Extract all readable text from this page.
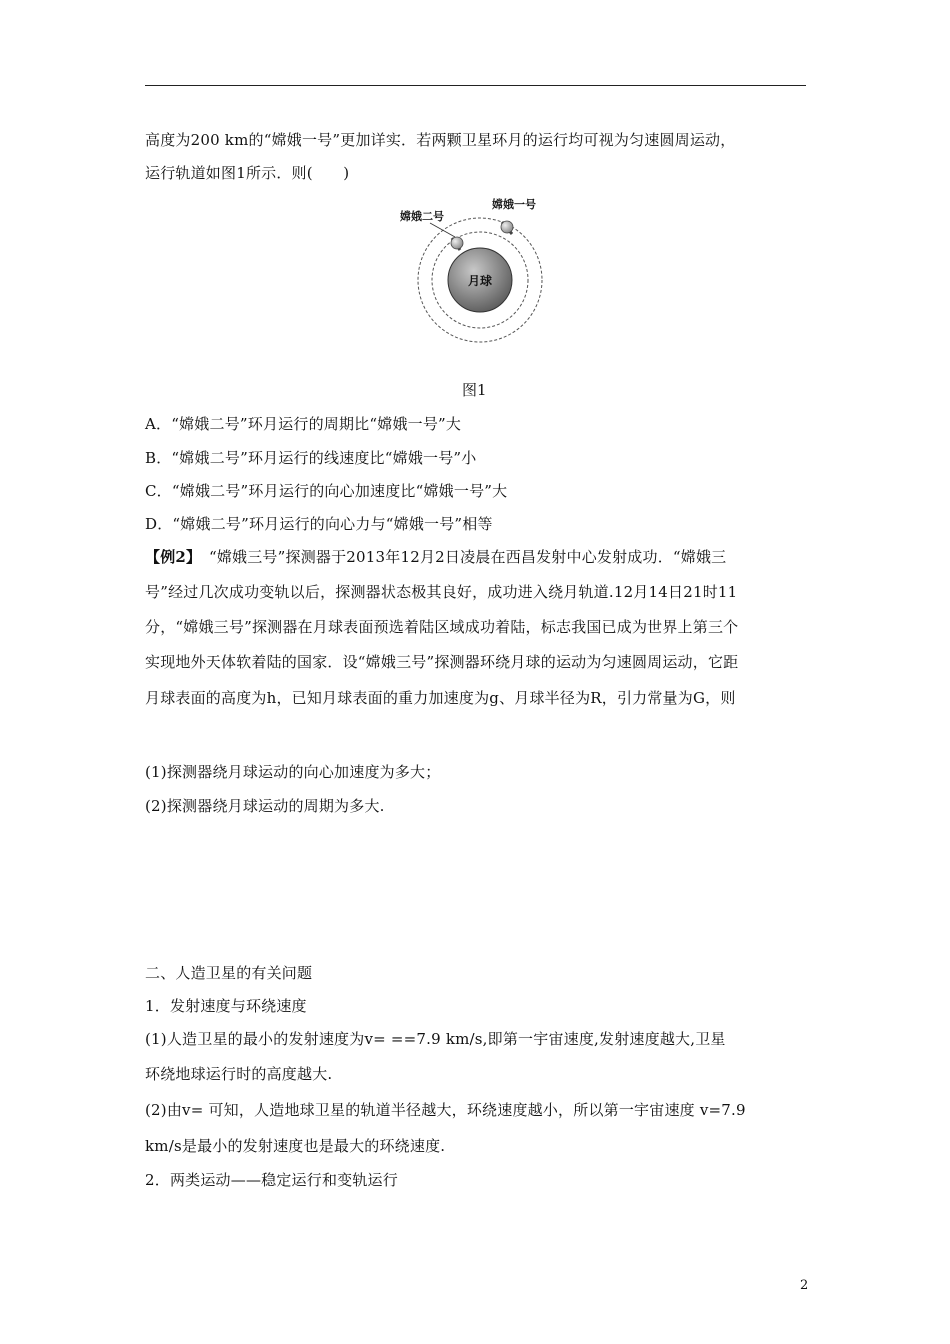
高度为200 km的“嫦娥一号”更加详实．若两颗卫星环月的运行均可视为匀速圆周运动，
运行轨道如图1所示．则(　　)
月球
嫦娥二号
嫦娥一号
图1
A．“嫦娥二号”环月运行的周期比“嫦娥一号”大
B．“嫦娥二号”环月运行的线速度比“嫦娥一号”小
C．“嫦娥二号”环月运行的向心加速度比“嫦娥一号”大
D．“嫦娥二号”环月运行的向心力与“嫦娥一号”相等
【例2】　“嫦娥三号”探测器于2013年12月2日凌晨在西昌发射中心发射成功．“嫦娥三
号”经过几次成功变轨以后，探测器状态极其良好，成功进入绕月轨道.12月14日21时11
分，“嫦娥三号”探测器在月球表面预选着陆区域成功着陆，标志我国已成为世界上第三个
实现地外天体软着陆的国家．设“嫦娥三号”探测器环绕月球的运动为匀速圆周运动，它距
月球表面的高度为h，已知月球表面的重力加速度为g、月球半径为R，引力常量为G，则
(1)探测器绕月球运动的向心加速度为多大；
(2)探测器绕月球运动的周期为多大.
二、人造卫星的有关问题
1．发射速度与环绕速度
(1)人造卫星的最小的发射速度为v= ==7.9 km/s,即第一宇宙速度,发射速度越大,卫星
环绕地球运行时的高度越大.
(2)由v= 可知，人造地球卫星的轨道半径越大，环绕速度越小，所以第一宇宙速度 v=7.9
km/s是最小的发射速度也是最大的环绕速度.
2．两类运动——稳定运行和变轨运行
2
